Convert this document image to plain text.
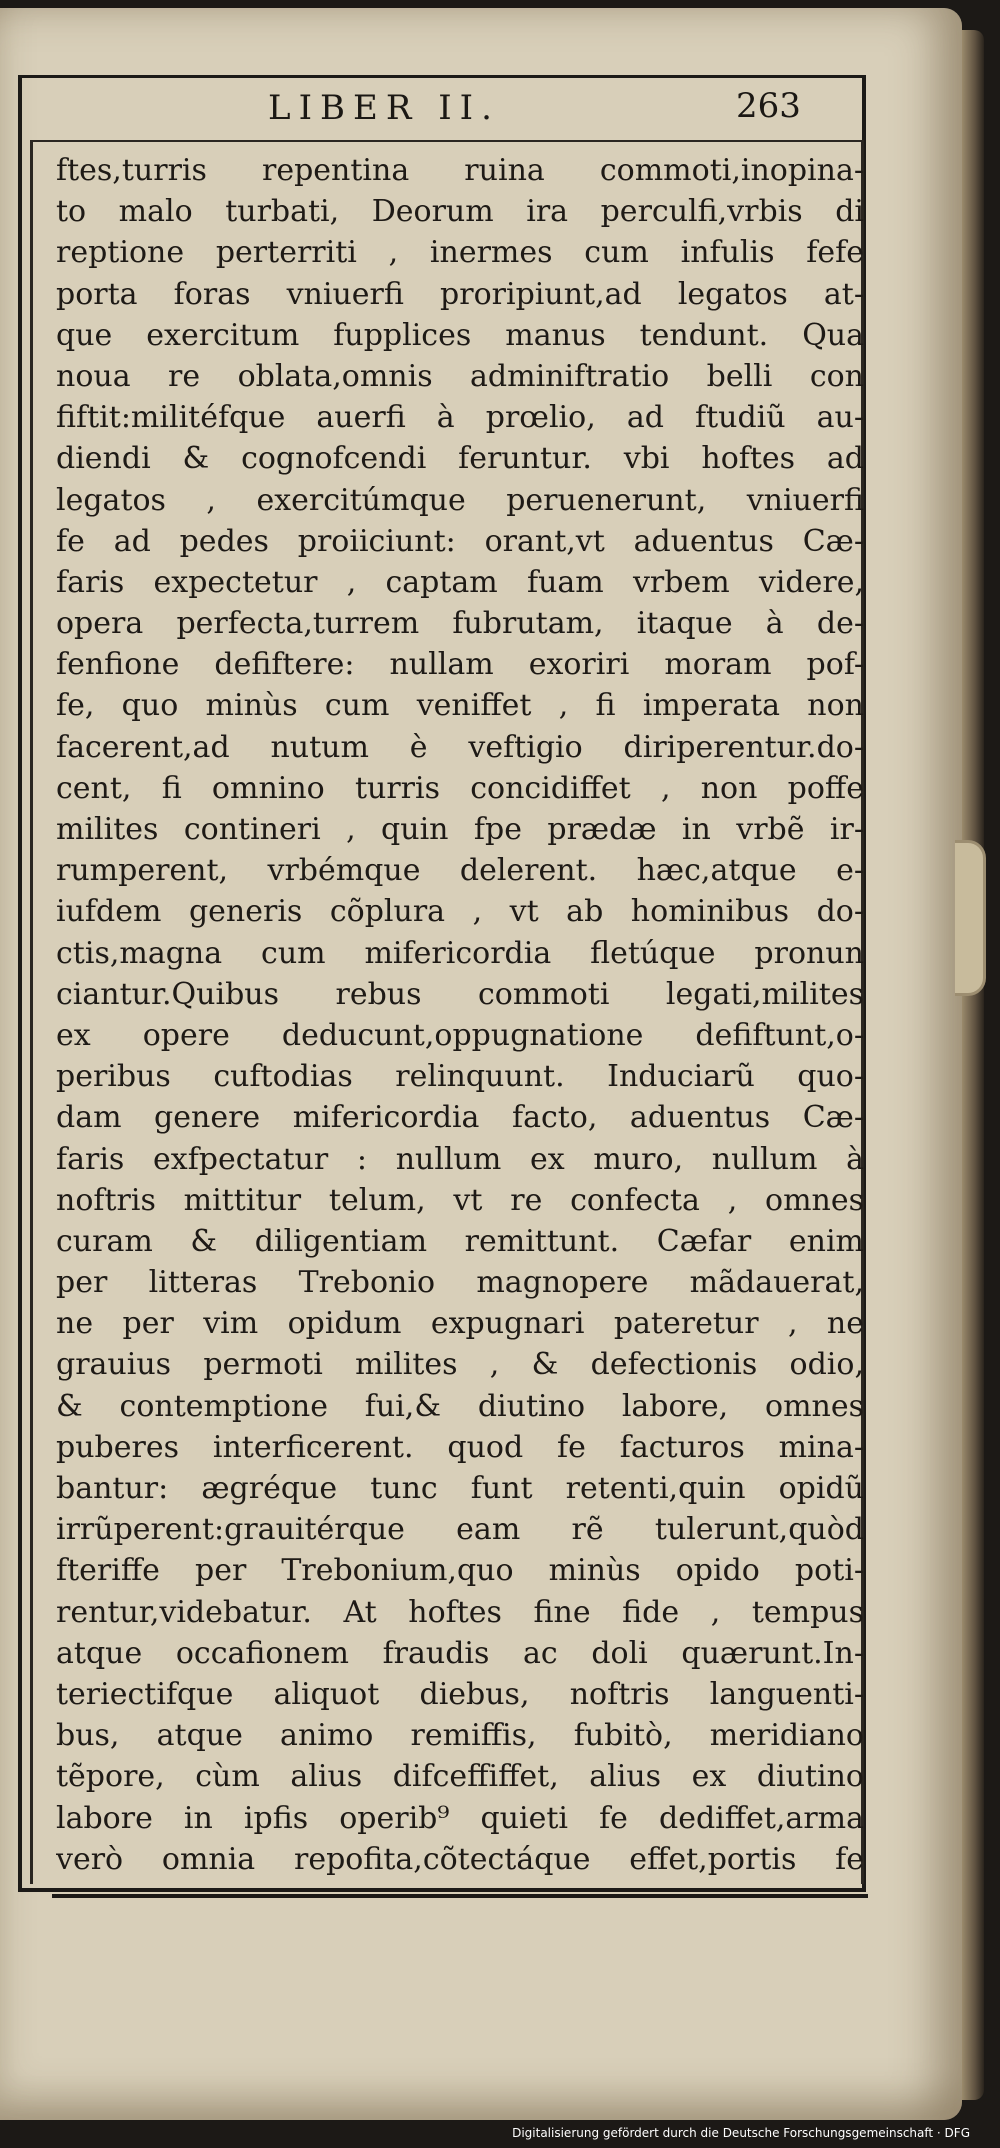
LIBER II.	263
ftes,turris repentina ruina commoti,inopina-
to malo turbati, Deorum ira perculfi,vrbis di
reptione perterriti , inermes cum infulis fefe
porta foras vniuerfi proripiunt,ad legatos at-
que exercitum fupplices manus tendunt. Qua
noua re oblata,omnis adminiftratio belli con
fiftit:militéfque auerfi à prœlio, ad ftudiũ au-
diendi & cognofcendi feruntur. vbi hoftes ad
legatos , exercitúmque peruenerunt, vniuerfi
fe ad pedes proiiciunt: orant,vt aduentus Cæ-
faris expectetur , captam fuam vrbem videre,
opera perfecta,turrem fubrutam, itaque à de-
fenfione defiftere: nullam exoriri moram pof-
fe, quo minùs cum veniffet , fi imperata non
facerent,ad nutum è veftigio diriperentur.do-
cent, fi omnino turris concidiffet , non poffe
milites contineri , quin fpe prædæ in vrbẽ ir-
rumperent, vrbémque delerent. hæc,atque e-
iufdem generis cõplura , vt ab hominibus do-
ctis,magna cum mifericordia fletúque pronun
ciantur.Quibus rebus commoti legati,milites
ex opere deducunt,oppugnatione defiftunt,o-
peribus cuftodias relinquunt. Induciarũ quo-
dam genere mifericordia facto, aduentus Cæ-
faris exfpectatur : nullum ex muro, nullum à
noftris mittitur telum, vt re confecta , omnes
curam & diligentiam remittunt. Cæfar enim
per litteras Trebonio magnopere mãdauerat,
ne per vim opidum expugnari pateretur , ne
grauius permoti milites , & defectionis odio,
& contemptione fui,& diutino labore, omnes
puberes interficerent. quod fe facturos mina-
bantur: ægréque tunc funt retenti,quin opidũ
irrũperent:grauitérque eam rẽ tulerunt,quòd
fteriffe per Trebonium,quo minùs opido poti-
rentur,videbatur. At hoftes fine fide , tempus
atque occafionem fraudis ac doli quærunt.In-
teriectifque aliquot diebus, noftris languenti-
bus, atque animo remiffis, fubitò, meridiano
tẽpore, cùm alius difceffiffet, alius ex diutino
labore in ipfis operib⁹ quieti fe dediffet,arma
verò omnia repofita,cõtectáque effet,portis fe
Digitalisierung gefördert durch die Deutsche Forschungsgemeinschaft · DFG
